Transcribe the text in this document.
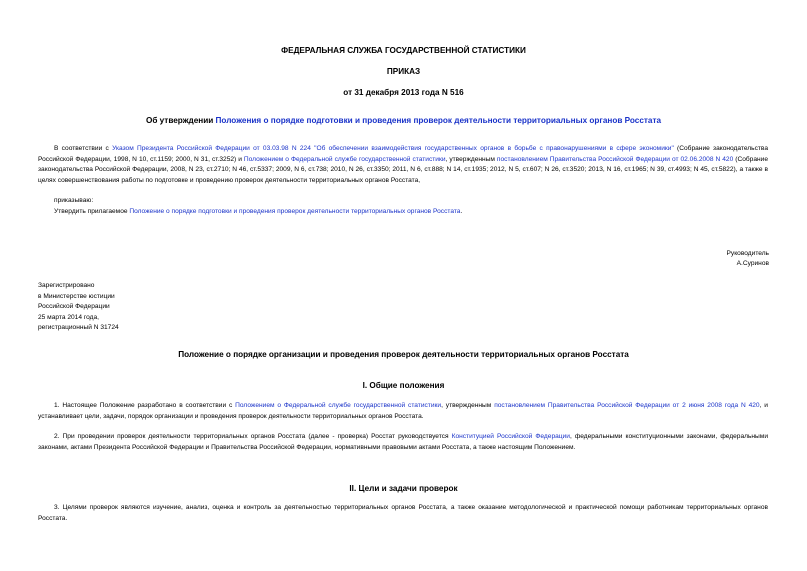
ФЕДЕРАЛЬНАЯ СЛУЖБА ГОСУДАРСТВЕННОЙ СТАТИСТИКИ
ПРИКАЗ
от 31 декабря 2013 года N 516
Об утверждении Положения о порядке подготовки и проведения проверок деятельности территориальных органов Росстата
В соответствии с Указом Президента Российской Федерации от 03.03.98 N 224 "Об обеспечении взаимодействия государственных органов в борьбе с правонарушениями в сфере экономики" (Собрание законодательства Российской Федерации, 1998, N 10, ст.1159; 2000, N 31, ст.3252) и Положением о Федеральной службе государственной статистики, утвержденным постановлением Правительства Российской Федерации от 02.06.2008 N 420 (Собрание законодательства Российской Федерации, 2008, N 23, ст.2710; N 46, ст.5337; 2009, N 6, ст.738; 2010, N 26, ст.3350; 2011, N 6, ст.888; N 14, ст.1935; 2012, N 5, ст.607; N 26, ст.3520; 2013, N 16, ст.1965; N 39, ст.4993; N 45, ст.5822), а также в целях совершенствования работы по подготовке и проведению проверок деятельности территориальных органов Росстата,
приказываю:
Утвердить прилагаемое Положение о порядке подготовки и проведения проверок деятельности территориальных органов Росстата.
Руководитель
А.Суринов
Зарегистрировано
в Министерстве юстиции
Российской Федерации
25 марта 2014 года,
регистрационный N 31724
Положение о порядке организации и проведения проверок деятельности территориальных органов Росстата
I. Общие положения
1. Настоящее Положение разработано в соответствии с Положением о Федеральной службе государственной статистики, утвержденным постановлением Правительства Российской Федерации от 2 июня 2008 года N 420, и устанавливает цели, задачи, порядок организации и проведения проверок деятельности территориальных органов Росстата.
2. При проведении проверок деятельности территориальных органов Росстата (далее - проверка) Росстат руководствуется Конституцией Российской Федерации, федеральными конституционными законами, федеральными законами, актами Президента Российской Федерации и Правительства Российской Федерации, нормативными правовыми актами Росстата, а также настоящим Положением.
II. Цели и задачи проверок
3. Целями проверок являются изучение, анализ, оценка и контроль за деятельностью территориальных органов Росстата, а также оказание методологической и практической помощи работникам территориальных органов Росстата.
